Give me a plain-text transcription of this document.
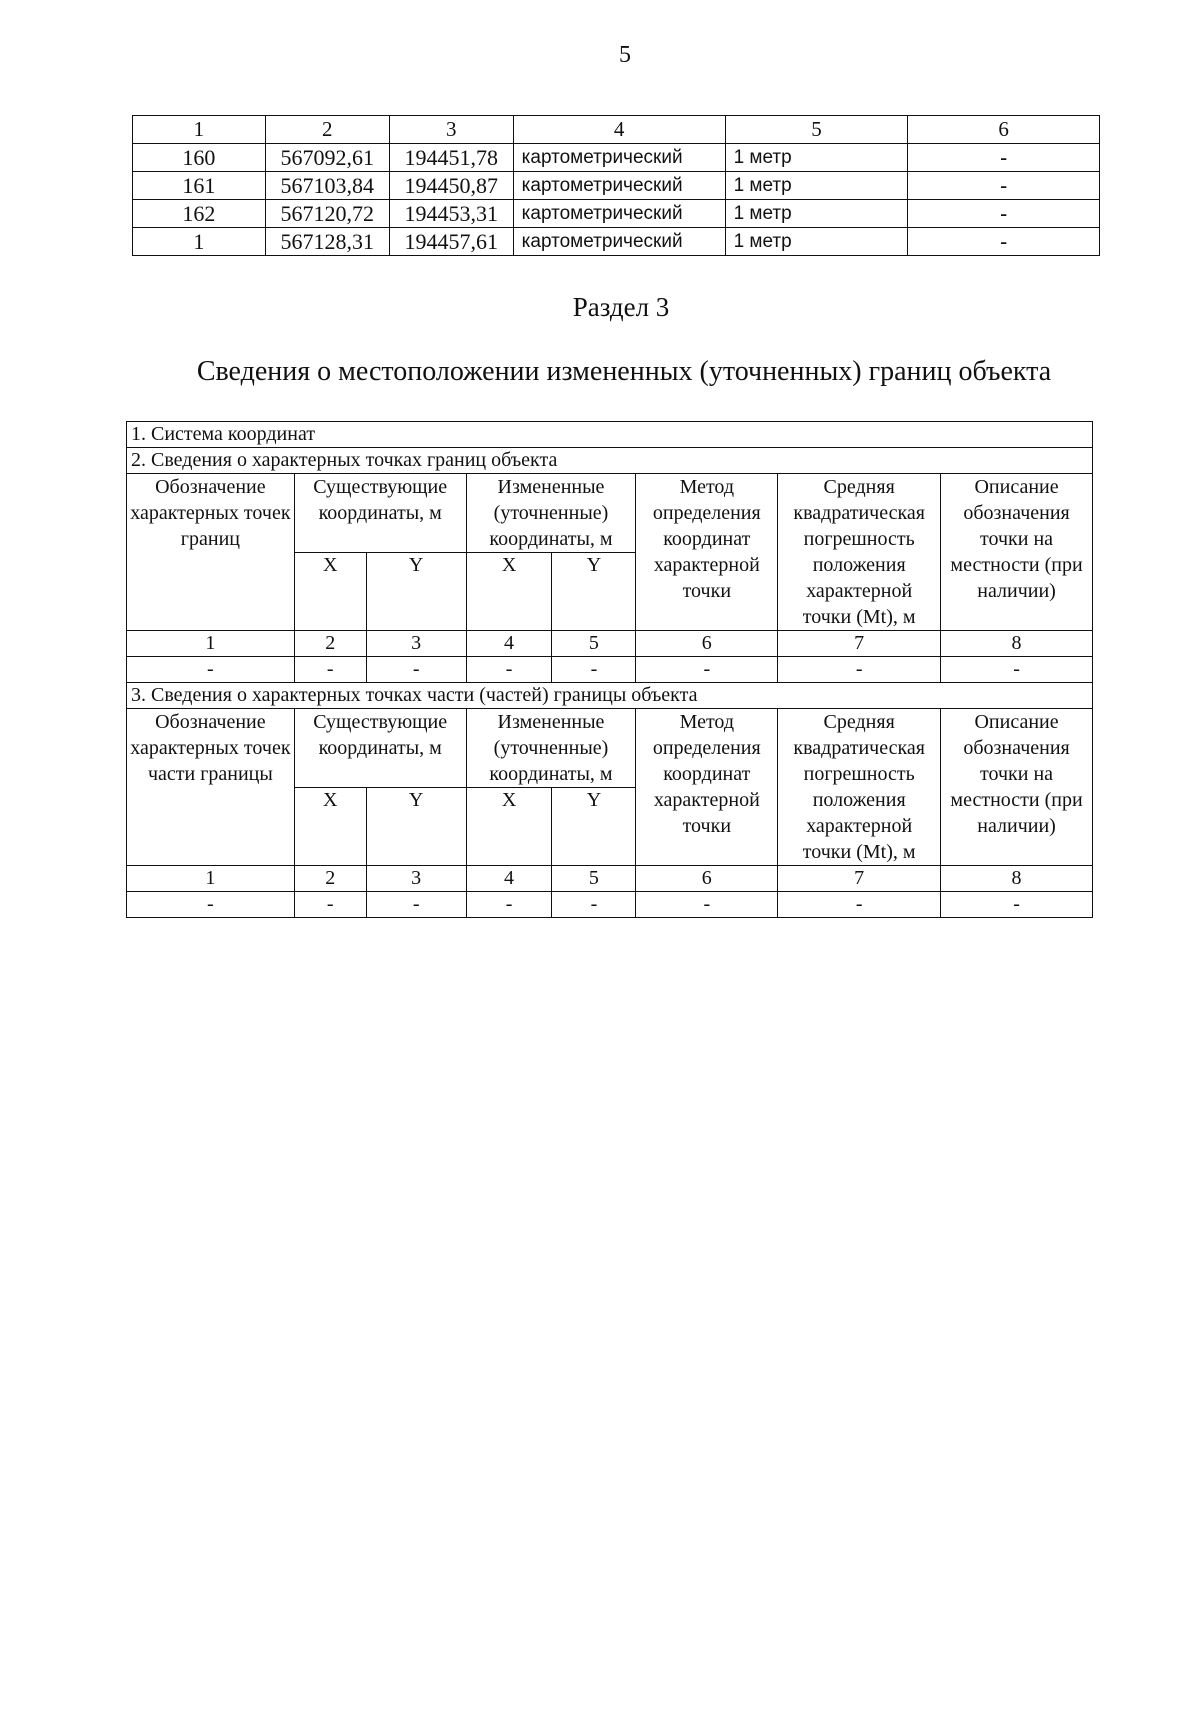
5
1	2	3	4	5	6
160	567092,61	194451,78	картометрический	1 метр	-
161	567103,84	194450,87	картометрический	1 метр	-
162	567120,72	194453,31	картометрический	1 метр	-
1	567128,31	194457,61	картометрический	1 метр	-
Раздел 3
Сведения о местоположении измененных (уточненных) границ объекта
1. Система координат							
2. Сведения о характерных точках границ объекта							
Обозначение характерных точек границ	Существующие координаты, м		Измененные (уточненные) координаты, м		Метод определения координат характерной точки	Средняя квадратическая погрешность положения характерной точки (Mt), м	Описание обозначения точки на местности (при наличии)
	X	Y	X	Y			
1	2	3	4	5	6	7	8
-	-	-	-	-	-	-	-
3. Сведения о характерных точках части (частей) границы объекта							
Обозначение характерных точек части границы	Существующие координаты, м		Измененные (уточненные) координаты, м		Метод определения координат характерной точки	Средняя квадратическая погрешность положения характерной точки (Mt), м	Описание обозначения точки на местности (при наличии)
	X	Y	X	Y			
1	2	3	4	5	6	7	8
-	-	-	-	-	-	-	-
